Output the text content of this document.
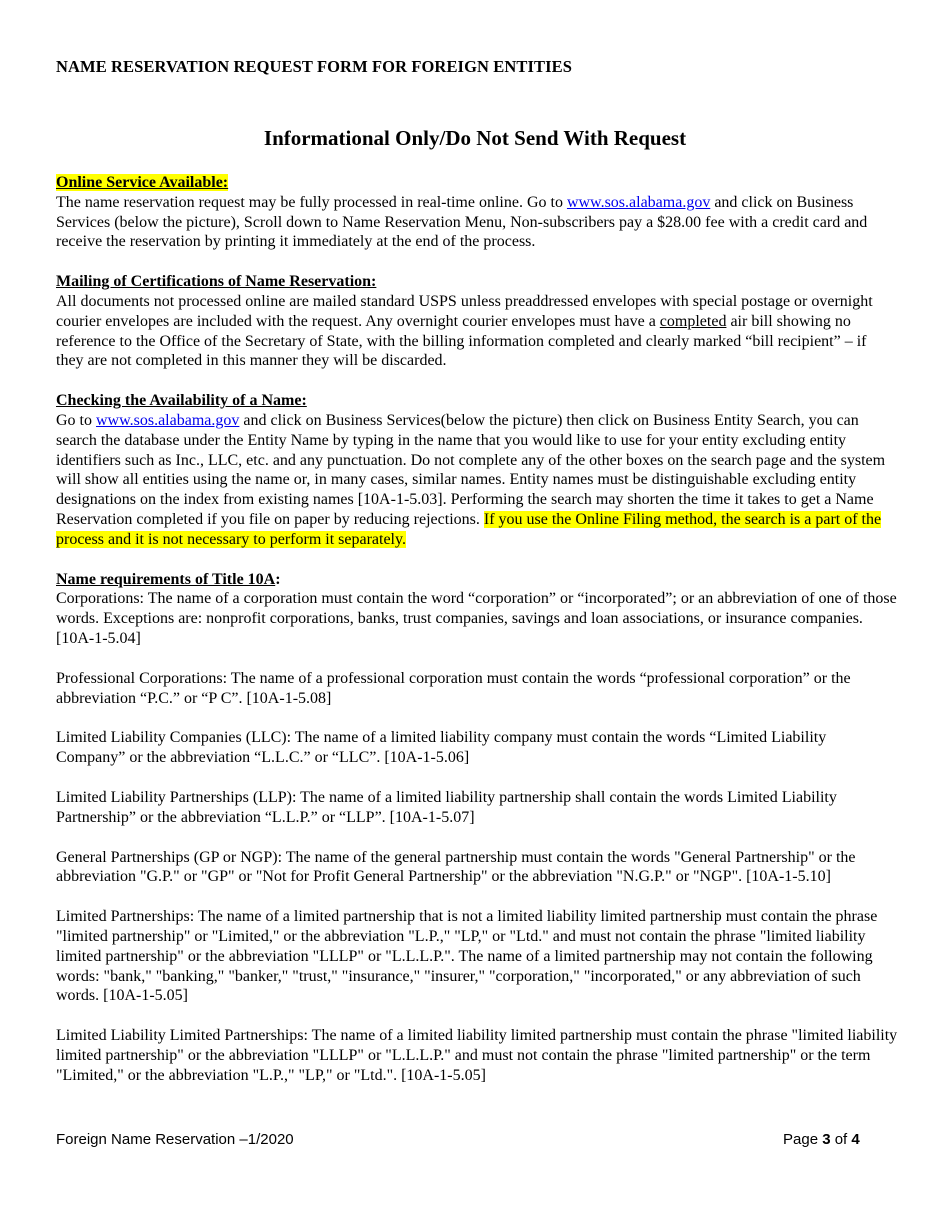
NAME RESERVATION REQUEST FORM FOR FOREIGN ENTITIES
Informational Only/Do Not Send With Request
Online Service Available:

The name reservation request may be fully processed in real-time online. Go to www.sos.alabama.gov and click on Business Services (below the picture), Scroll down to Name Reservation Menu, Non-subscribers pay a $28.00 fee with a credit card and receive the reservation by printing it immediately at the end of the process.

Mailing of Certifications of Name Reservation:

All documents not processed online are mailed standard USPS unless preaddressed envelopes with special postage or overnight courier envelopes are included with the request. Any overnight courier envelopes must have a completed air bill showing no reference to the Office of the Secretary of State, with the billing information completed and clearly marked “bill recipient” – if they are not completed in this manner they will be discarded.

Checking the Availability of a Name:

Go to www.sos.alabama.gov and click on Business Services(below the picture) then click on Business Entity Search, you can search the database under the Entity Name by typing in the name that you would like to use for your entity excluding entity identifiers such as Inc., LLC, etc. and any punctuation. Do not complete any of the other boxes on the search page and the system will show all entities using the name or, in many cases, similar names. Entity names must be distinguishable excluding entity designations on the index from existing names [10A-1-5.03]. Performing the search may shorten the time it takes to get a Name Reservation completed if you file on paper by reducing rejections. If you use the Online Filing method, the search is a part of the process and it is not necessary to perform it separately.

Name requirements of Title 10A:

Corporations: The name of a corporation must contain the word “corporation” or “incorporated”; or an abbreviation of one of those words. Exceptions are: nonprofit corporations, banks, trust companies, savings and loan associations, or insurance companies. [10A-1-5.04]

Professional Corporations: The name of a professional corporation must contain the words “professional corporation” or the abbreviation “P.C.” or “P C”. [10A-1-5.08]

Limited Liability Companies (LLC): The name of a limited liability company must contain the words “Limited Liability Company” or the abbreviation “L.L.C.” or “LLC”. [10A-1-5.06]

Limited Liability Partnerships (LLP): The name of a limited liability partnership shall contain the words Limited Liability Partnership” or the abbreviation “L.L.P.” or “LLP”. [10A-1-5.07]

General Partnerships (GP or NGP): The name of the general partnership must contain the words "General Partnership" or the abbreviation "G.P." or "GP" or "Not for Profit General Partnership" or the abbreviation "N.G.P." or "NGP". [10A-1-5.10]

Limited Partnerships: The name of a limited partnership that is not a limited liability limited partnership must contain the phrase "limited partnership" or "Limited," or the abbreviation "L.P.," "LP," or "Ltd." and must not contain the phrase "limited liability limited partnership" or the abbreviation "LLLP" or "L.L.L.P.". The name of a limited partnership may not contain the following words: "bank," "banking," "banker," "trust," "insurance," "insurer," "corporation," "incorporated," or any abbreviation of such words. [10A-1-5.05]

Limited Liability Limited Partnerships: The name of a limited liability limited partnership must contain the phrase "limited liability limited partnership" or the abbreviation "LLLP" or "L.L.L.P." and must not contain the phrase "limited partnership" or the term "Limited," or the abbreviation "L.P.," "LP," or "Ltd.". [10A-1-5.05]

Foreign Name Reservation –1/2020	Page 3 of 4
